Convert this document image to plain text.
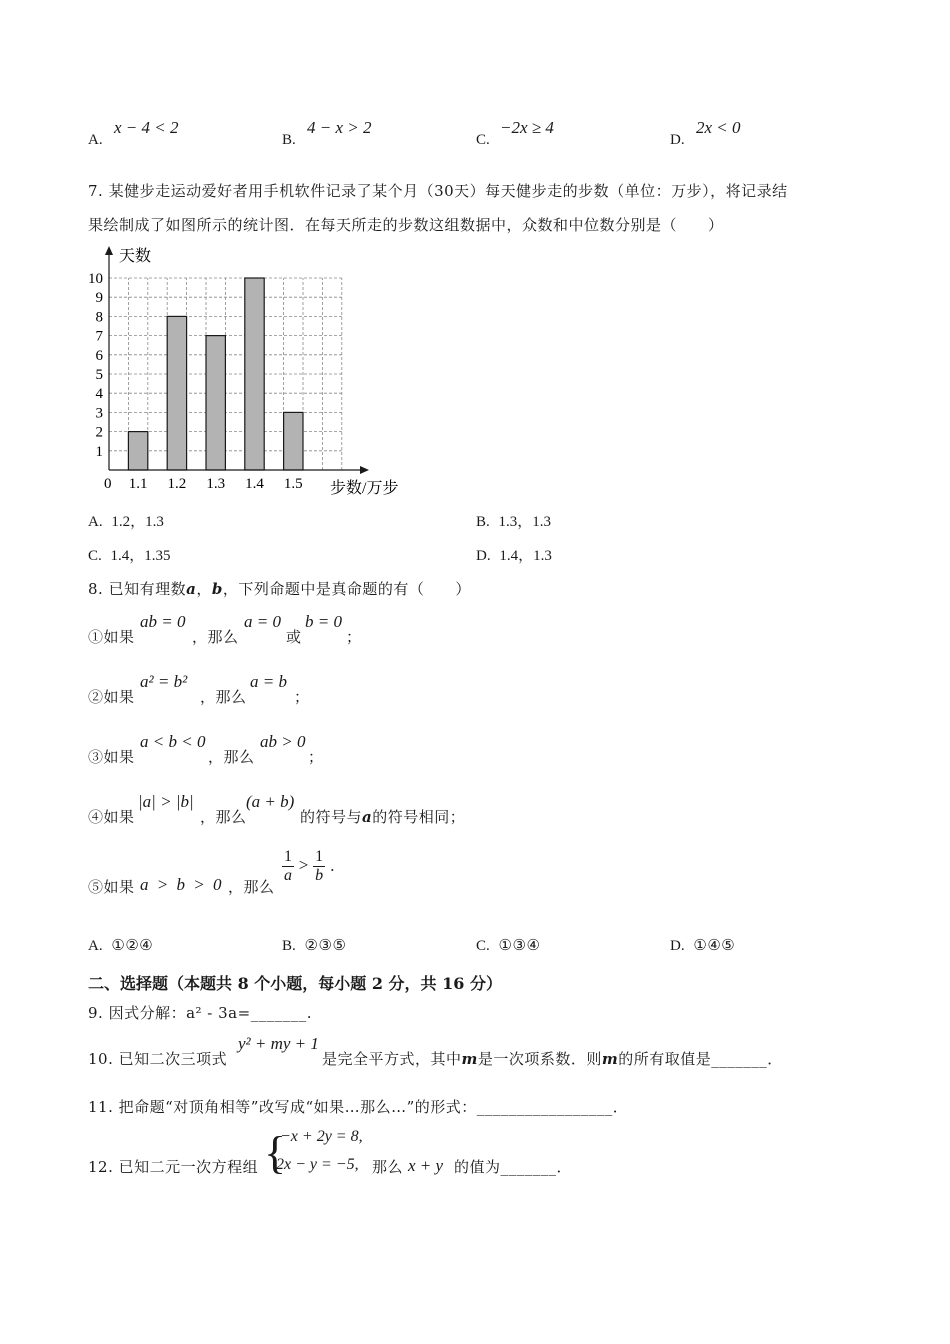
A.
x − 4 < 2
B.
4 − x > 2
C.
−2x ≥ 4
D.
2x < 0
7. 某健步走运动爱好者用手机软件记录了某个月（30天）每天健步走的步数（单位：万步），将记录结
果绘制成了如图所示的统计图．在每天所走的步数这组数据中，众数和中位数分别是（　　）
天数
步数/万步
0
1
2
3
4
5
6
7
8
9
10
1.1 1.2 1.3 1.4 1.5
A. 1.2，1.3	B. 1.3，1.3
C. 1.4，1.35	D. 1.4，1.3
8. 已知有理数a，b，下列命题中是真命题的有（　　）
①如果
ab = 0
，那么
a = 0
或
b = 0
；
②如果
a² = b²
，那么
a = b
；
③如果
a < b < 0
，那么
ab > 0
；
④如果
|a| > |b|
，那么
(a + b)
的符号与a的符号相同；
⑤如果 a > b > 0 ，那么
$\frac{1}{a} > \frac{1}{b}$ ．
A. ①②④	B. ②③⑤	C. ①③④	D. ①④⑤
二、选择题（本题共 8 个小题，每小题 2 分，共 16 分）
9. 因式分解：a² - 3a=_______.
10. 已知二次三项式
y² + my + 1
是完全平方式，其中m是一次项系数．则m的所有取值是_______．
11. 把命题“对顶角相等”改写成“如果…那么…”的形式：_________________．
12. 已知二元一次方程组 {
−x + 2y = 8,
2x − y = −5, 那么 x + y 的值为_______．
